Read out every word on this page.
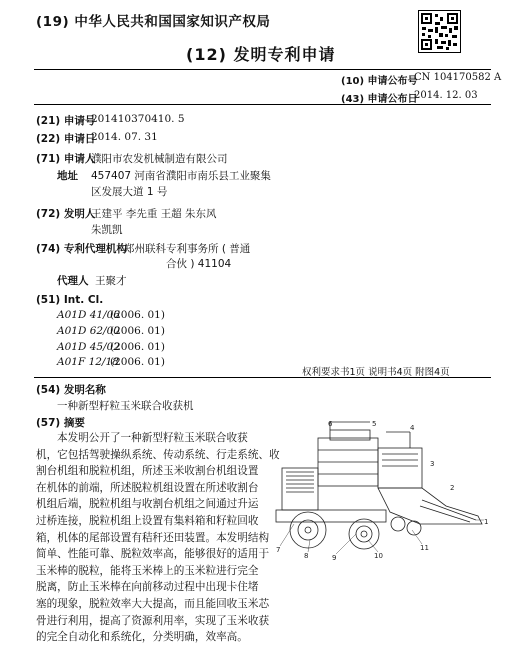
(19) 中华人民共和国国家知识产权局
(12) 发明专利申请
(10) 申请公布号
CN 104170582 A
(43) 申请公布日
2014. 12. 03
(21) 申请号
201410370410. 5
(22) 申请日
2014. 07. 31
(71) 申请人
濮阳市农发机械制造有限公司
地址 457407 河南省濮阳市南乐县工业聚集
区发展大道 1 号
(72) 发明人
王建平 李先重 王超 朱东风
朱凯凯
(74) 专利代理机构
郑州联科专利事务所 ( 普通
合伙 ) 41104
代理人 王聚才
(51) Int. Cl.
A01D 41/06
(2006. 01)
A01D 62/00
(2006. 01)
A01D 45/02
(2006. 01)
A01F 12/18
(2006. 01)
权利要求书1页 说明书4页 附图4页
(54) 发明名称
一种新型籽粒玉米联合收获机
(57) 摘要
本发明公开了一种新型籽粒玉米联合收获
机，它包括驾驶操纵系统、传动系统、行走系统、收
割台机组和脱粒机组，所述玉米收割台机组设置
在机体的前端，所述脱粒机组设置在所述收割台
机组后端，脱粒机组与收割台机组之间通过升运
过桥连接，脱粒机组上设置有集料箱和籽粒回收
箱，机体的尾部设置有秸秆还田装置。本发明结构
简单、性能可靠、脱粒效率高，能够很好的适用于
玉米棒的脱粒，能将玉米棒上的玉米粒进行完全
脱离，防止玉米棒在向前移动过程中出现卡住堵
塞的现象，脱粒效率大大提高，而且能回收玉米芯
骨进行利用，提高了资源利用率，实现了玉米收获
的完全自动化和系统化，分类明确，效率高。
6	5	4
3
2
1
7
8	9	10
11
